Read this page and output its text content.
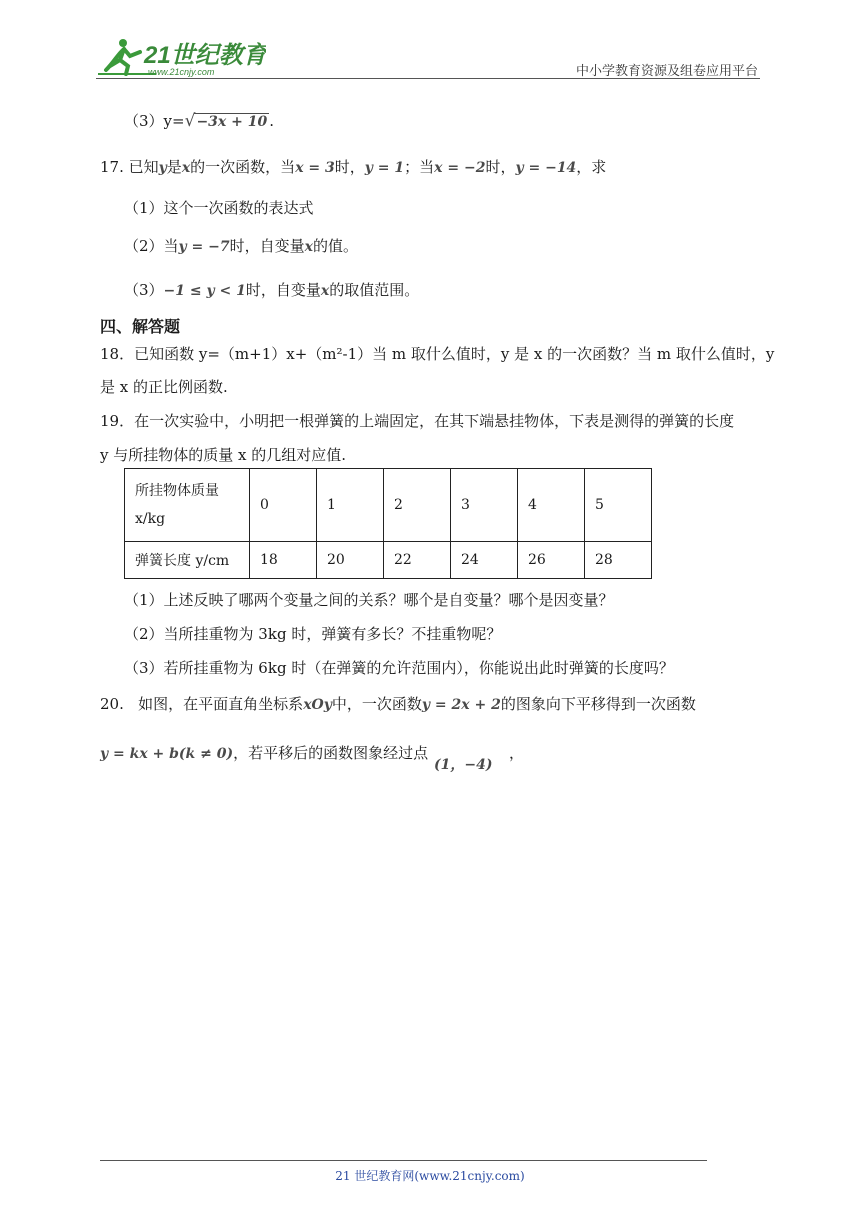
21世纪教育
www.21cnjy.com	中小学教育资源及组卷应用平台
（3）y=√−3x + 10 .
17. 已知y是x的一次函数，当x = 3时，y = 1；当x = −2时，y = −14，求
（1）这个一次函数的表达式
（2）当y = −7时，自变量x的值。
（3）−1 ≤ y < 1时，自变量x的取值范围。
四、解答题
18．已知函数 y=（m+1）x+（m²-1）当 m 取什么值时，y 是 x 的一次函数？当 m 取什么值时，y
是 x 的正比例函数.
19．在一次实验中，小明把一根弹簧的上端固定，在其下端悬挂物体，下表是测得的弹簧的长度
y 与所挂物体的质量 x 的几组对应值.
所挂物体质量
x/kg	0	1	2	3	4	5
弹簧长度 y/cm	18	20	22	24	26	28
（1）上述反映了哪两个变量之间的关系？哪个是自变量？哪个是因变量？
（2）当所挂重物为 3kg 时，弹簧有多长？不挂重物呢？
（3）若所挂重物为 6kg 时（在弹簧的允许范围内），你能说出此时弹簧的长度吗？
20. 如图，在平面直角坐标系xOy中，一次函数y = 2x + 2的图象向下平移得到一次函数
y = kx + b(k ≠ 0)，若平移后的函数图象经过点
(1，−4)
，
21 世纪教育网(www.21cnjy.com)
